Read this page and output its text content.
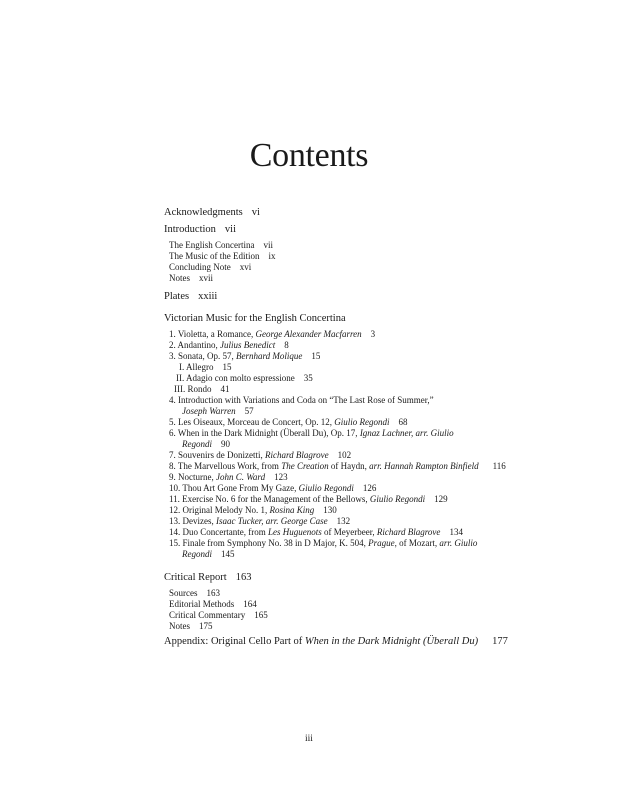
Contents
Acknowledgments vi
Introduction vii
The English Concertina vii
The Music of the Edition ix
Concluding Note xvi
Notes xvii
Plates xxiii
Victorian Music for the English Concertina
1. Violetta, a Romance, George Alexander Macfarren 3
2. Andantino, Julius Benedict 8
3. Sonata, Op. 57, Bernhard Molique 15
I. Allegro 15
II. Adagio con molto espressione 35
III. Rondo 41
4. Introduction with Variations and Coda on “The Last Rose of Summer,”
Joseph Warren 57
5. Les Oiseaux, Morceau de Concert, Op. 12, Giulio Regondi 68
6. When in the Dark Midnight (Überall Du), Op. 17, Ignaz Lachner, arr. Giulio
Regondi 90
7. Souvenirs de Donizetti, Richard Blagrove 102
8. The Marvellous Work, from The Creation of Haydn, arr. Hannah Rampton Binfield 116
9. Nocturne, John C. Ward 123
10. Thou Art Gone From My Gaze, Giulio Regondi 126
11. Exercise No. 6 for the Management of the Bellows, Giulio Regondi 129
12. Original Melody No. 1, Rosina King 130
13. Devizes, Isaac Tucker, arr. George Case 132
14. Duo Concertante, from Les Huguenots of Meyerbeer, Richard Blagrove 134
15. Finale from Symphony No. 38 in D Major, K. 504, Prague, of Mozart, arr. Giulio
Regondi 145
Critical Report 163
Sources 163
Editorial Methods 164
Critical Commentary 165
Notes 175
Appendix: Original Cello Part of When in the Dark Midnight (Überall Du) 177
iii
